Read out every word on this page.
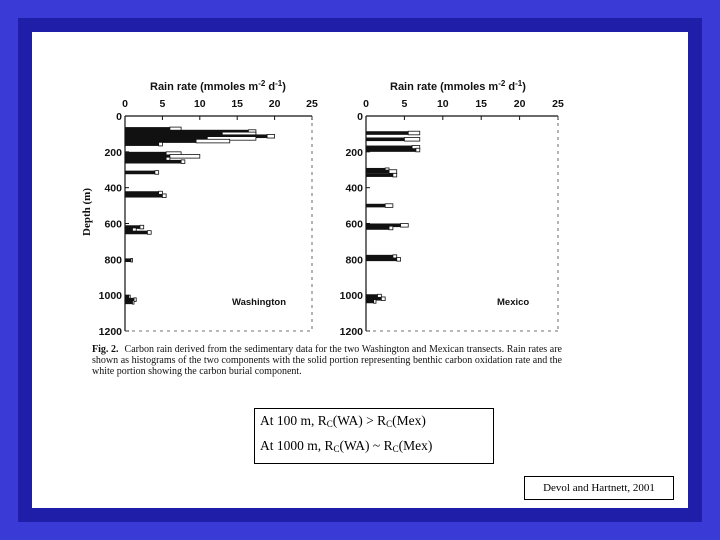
Rain rate (mmoles $m^{-2}$ $d^{-1}$)
0	5	10 15 20 25
0
200
400
600
800
1000
1200
Depth (m)
Washington
Rain rate (mmoles $m^{-2}$ $d^{-1}$)
0	5	10	15	20	25
0
200
400
600
800
1000
1200
Mexico

Fig. 2. Carbon rain derived from the sedimentary data for the two Washington and Mexican transects. Rain rates are shown as histograms of the two components with the solid portion representing benthic carbon oxidation rate and the white portion showing the carbon burial component.

At 100 m, $R_C(WA) > R_C(Mex)$
At 1000 m, $R_C(WA)$ ~ $R_C(Mex)$
Devol and Hartnett, 2001
